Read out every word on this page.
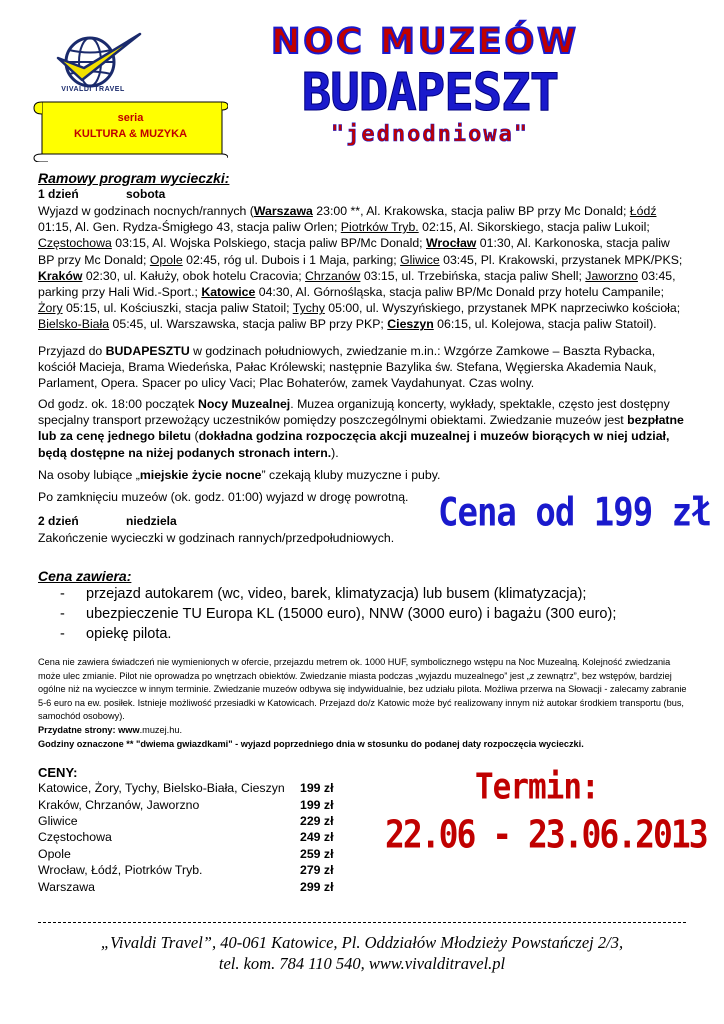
VIVALDI TRAVEL
seria
KULTURA & MUZYKA
NOC MUZEÓW
BUDAPESZT
"jednodniowa"
Ramowy program wycieczki:
1 dzień	sobota
Wyjazd w godzinach nocnych/rannych (Warszawa 23:00 **, Al. Krakowska, stacja paliw BP przy Mc Donald; Łódź 01:15, Al. Gen. Rydza-Śmigłego 43, stacja paliw Orlen; Piotrków Tryb. 02:15, Al. Sikorskiego, stacja paliw Lukoil; Częstochowa 03:15, Al. Wojska Polskiego, stacja paliw BP/Mc Donald; Wrocław 01:30, Al. Karkonoska, stacja paliw BP przy Mc Donald; Opole 02:45, róg ul. Dubois i 1 Maja, parking; Gliwice 03:45, Pl. Krakowski, przystanek MPK/PKS; Kraków 02:30, ul. Kałuży, obok hotelu Cracovia; Chrzanów 03:15, ul. Trzebińska, stacja paliw Shell; Jaworzno 03:45, parking przy Hali Wid.-Sport.; Katowice 04:30, Al. Górnośląska, stacja paliw BP/Mc Donald przy hotelu Campanile; Żory 05:15, ul. Kościuszki, stacja paliw Statoil; Tychy 05:00, ul. Wyszyńskiego, przystanek MPK naprzeciwko kościoła; Bielsko-Biała 05:45, ul. Warszawska, stacja paliw BP przy PKP; Cieszyn 06:15, ul. Kolejowa, stacja paliw Statoil).
Przyjazd do BUDAPESZTU w godzinach południowych, zwiedzanie m.in.: Wzgórze Zamkowe – Baszta Rybacka, kościół Macieja, Brama Wiedeńska, Pałac Królewski; następnie Bazylika św. Stefana, Węgierska Akademia Nauk, Parlament, Opera. Spacer po ulicy Vaci; Plac Bohaterów, zamek Vaydahunyat. Czas wolny.
Od godz. ok. 18:00 początek Nocy Muzealnej. Muzea organizują koncerty, wykłady, spektakle, często jest dostępny specjalny transport przewożący uczestników pomiędzy poszczególnymi obiektami. Zwiedzanie muzeów jest bezpłatne lub za cenę jednego biletu (dokładna godzina rozpoczęcia akcji muzealnej i muzeów biorących w niej udział, będą dostępne na niżej podanych stronach intern.).
Na osoby lubiące „miejskie życie nocne” czekają kluby muzyczne i puby.
Po zamknięciu muzeów (ok. godz. 01:00) wyjazd w drogę powrotną.
2 dzień	niedziela
Zakończenie wycieczki w godzinach rannych/przedpołudniowych.
Cena od 199 zł
Cena zawiera:
- przejazd autokarem (wc, video, barek, klimatyzacja) lub busem (klimatyzacja);
- ubezpieczenie TU Europa KL (15000 euro), NNW (3000 euro) i bagażu (300 euro);
- opiekę pilota.
Cena nie zawiera świadczeń nie wymienionych w ofercie, przejazdu metrem ok. 1000 HUF, symbolicznego wstępu na Noc Muzealną. Kolejność zwiedzania może ulec zmianie. Pilot nie oprowadza po wnętrzach obiektów. Zwiedzanie miasta podczas „wyjazdu muzealnego” jest „z zewnątrz”, bez wstępów, bardziej ogólne niż na wycieczce w innym terminie. Zwiedzanie muzeów odbywa się indywidualnie, bez udziału pilota. Możliwa przerwa na Słowacji - zalecamy zabranie 5-6 euro na ew. posiłek. Istnieje możliwość przesiadki w Katowicach. Przejazd do/z Katowic może być realizowany innym niż autokar środkiem transportu (bus, samochód osobowy).
Przydatne strony: www.muzej.hu.
Godziny oznaczone ** "dwiema gwiazdkami" - wyjazd poprzedniego dnia w stosunku do podanej daty rozpoczęcia wycieczki.
CENY:
Katowice, Żory, Tychy, Bielsko-Biała, Cieszyn	199 zł
Kraków, Chrzanów, Jaworzno	199 zł
Gliwice	229 zł
Częstochowa	249 zł
Opole	259 zł
Wrocław, Łódź, Piotrków Tryb.	279 zł
Warszawa	299 zł
Termin:
22.06 - 23.06.2013
„Vivaldi Travel”, 40-061 Katowice, Pl. Oddziałów Młodzieży Powstańczej 2/3,
tel. kom. 784 110 540, www.vivalditravel.pl
